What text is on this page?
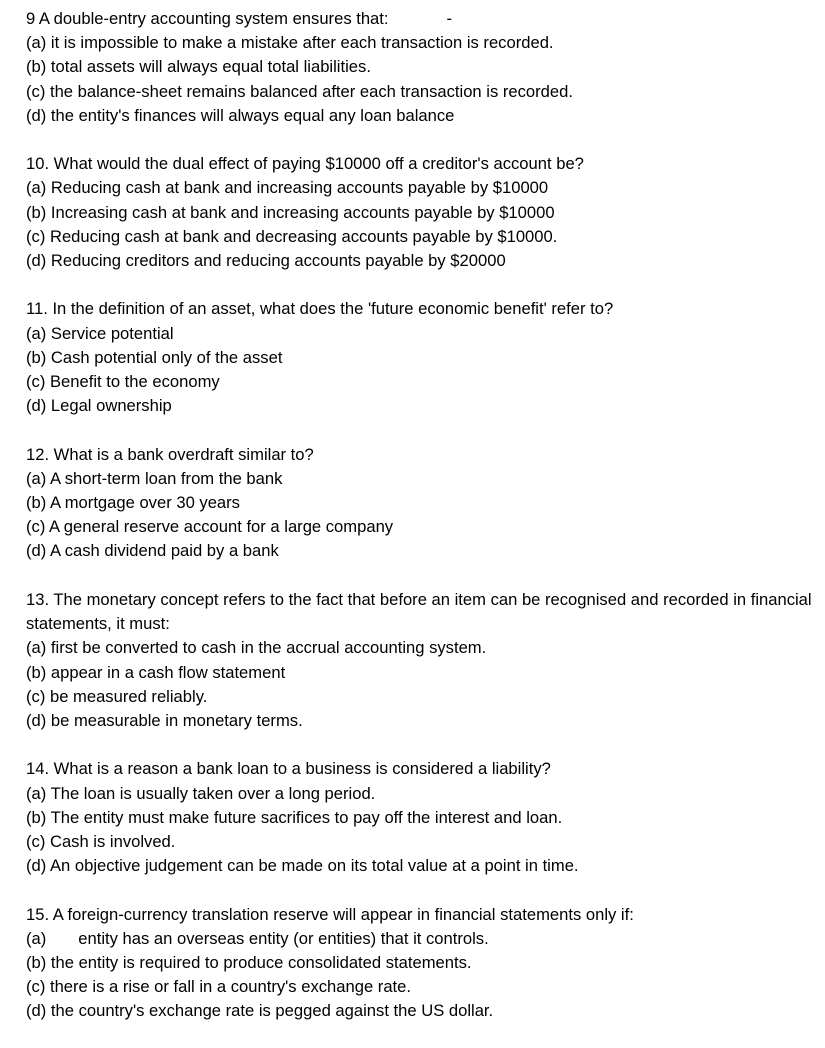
9 A double-entry accounting system ensures that:	-
(a) it is impossible to make a mistake after each transaction is recorded.
(b) total assets will always equal total liabilities.
(c) the balance-sheet remains balanced after each transaction is recorded.
(d) the entity's finances will always equal any loan balance
10. What would the dual effect of paying $10000 off a creditor's account be?
(a) Reducing cash at bank and increasing accounts payable by $10000
(b) Increasing cash at bank and increasing accounts payable by $10000
(c) Reducing cash at bank and decreasing accounts payable by $10000.
(d) Reducing creditors and reducing accounts payable by $20000
11. In the definition of an asset, what does the 'future economic benefit' refer to?
(a) Service potential
(b) Cash potential only of the asset
(c) Benefit to the economy
(d) Legal ownership
12. What is a bank overdraft similar to?
(a) A short-term loan from the bank
(b) A mortgage over 30 years
(c) A general reserve account for a large company
(d) A cash dividend paid by a bank
13. The monetary concept refers to the fact that before an item can be recognised and recorded in financial statements, it must:
(a) first be converted to cash in the accrual accounting system.
(b) appear in a cash flow statement
(c) be measured reliably.
(d) be measurable in monetary terms.
14. What is a reason a bank loan to a business is considered a liability?
(a) The loan is usually taken over a long period.
(b) The entity must make future sacrifices to pay off the interest and loan.
(c) Cash is involved.
(d) An objective judgement can be made on its total value at a point in time.
15. A foreign-currency translation reserve will appear in financial statements only if:
(a) entity has an overseas entity (or entities) that it controls.
(b) the entity is required to produce consolidated statements.
(c) there is a rise or fall in a country's exchange rate.
(d) the country's exchange rate is pegged against the US dollar.
